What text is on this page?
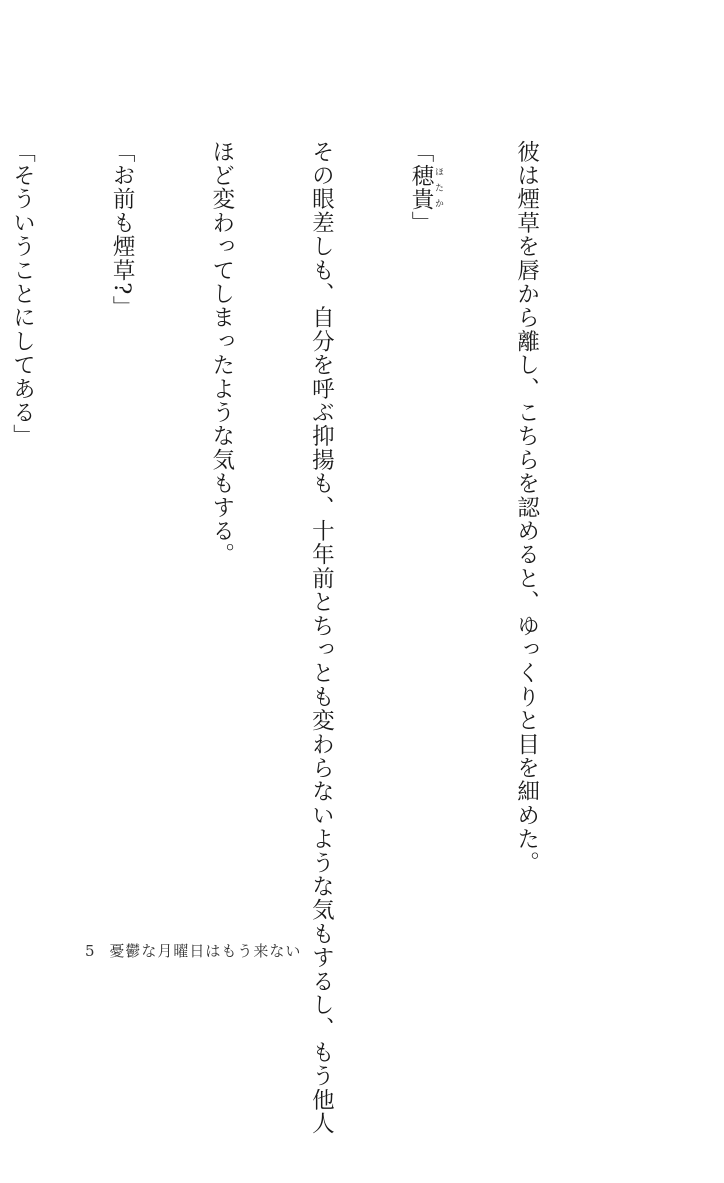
彼は煙草を唇から離し、こちらを認めると、ゆっくりと目を細めた。

「穂貴 ほたか」

その眼差しも、自分を呼ぶ抑揚も、十年前とちっとも変わらないような気もするし、もう他人

ほど変わってしまったような気もする。

「お前も煙草?」

「そういうことにしてある」

5 憂鬱な月曜日はもう来ない
